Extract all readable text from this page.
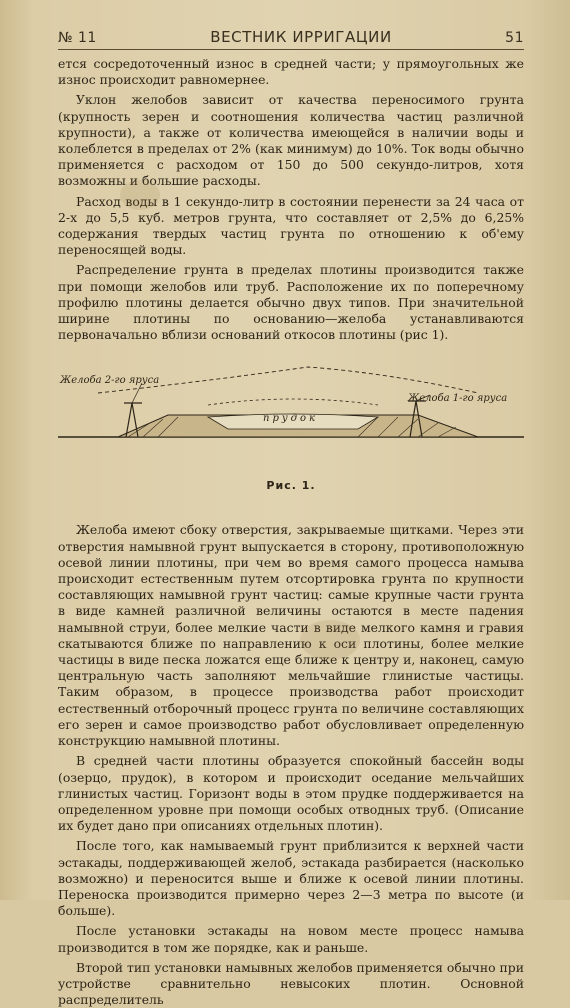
№ 11	ВЕСТНИК ИРРИГАЦИИ	51

ется сосредоточенный износ в средней части; у прямоугольных же износ происходит равномернее.

Уклон желобов зависит от качества переносимого грунта (крупность зерен и соотношения количества частиц различной крупности), а также от количества имеющейся в наличии воды и колеблется в пределах от 2% (как минимум) до 10%. Ток воды обычно применяется с расходом от 150 до 500 секундо-литров, хотя возможны и большие расходы.

Расход воды в 1 секундо-литр в состоянии перенести за 24 часа от 2-х до 5,5 куб. метров грунта, что составляет от 2,5% до 6,25% содержания твердых частиц грунта по отношению к об'ему переносящей воды.

Распределение грунта в пределах плотины производится также при помощи желобов или труб. Расположение их по поперечному профилю плотины делается обычно двух типов. При значительной ширине плотины по основанию—желоба устанавливаются первоначально вблизи оснований откосов плотины (рис 1).

Желоба 2-го яруса
Желоба 1-го яруса
прудок
Рис. 1.

Желоба имеют сбоку отверстия, закрываемые щитками. Через эти отверстия намывной грунт выпускается в сторону, противоположную осевой линии плотины, при чем во время самого процесса намыва происходит естественным путем отсортировка грунта по крупности составляющих намывной грунт частиц: самые крупные части грунта в виде камней различной величины остаются в месте падения намывной струи, более мелкие части в виде мелкого камня и гравия скатываются ближе по направлению к оси плотины, более мелкие частицы в виде песка ложатся еще ближе к центру и, наконец, самую центральную часть заполняют мельчайшие глинистые частицы. Таким образом, в процессе производства работ происходит естественный отборочный процесс грунта по величине составляющих его зерен и самое производство работ обусловливает определенную конструкцию намывной плотины.

В средней части плотины образуется спокойный бассейн воды (озерцо, прудок), в котором и происходит оседание мельчайших глинистых частиц. Горизонт воды в этом прудке поддерживается на определенном уровне при помощи особых отводных труб. (Описание их будет дано при описаниях отдельных плотин).

После того, как намываемый грунт приблизится к верхней части эстакады, поддерживающей желоб, эстакада разбирается (насколько возможно) и переносится выше и ближе к осевой линии плотины. Переноска производится примерно через 2—3 метра по высоте (и больше).

После установки эстакады на новом месте процесс намыва производится в том же порядке, как и раньше.

Второй тип установки намывных желобов применяется обычно при устройстве сравнительно невысоких плотин. Основной распределитель
